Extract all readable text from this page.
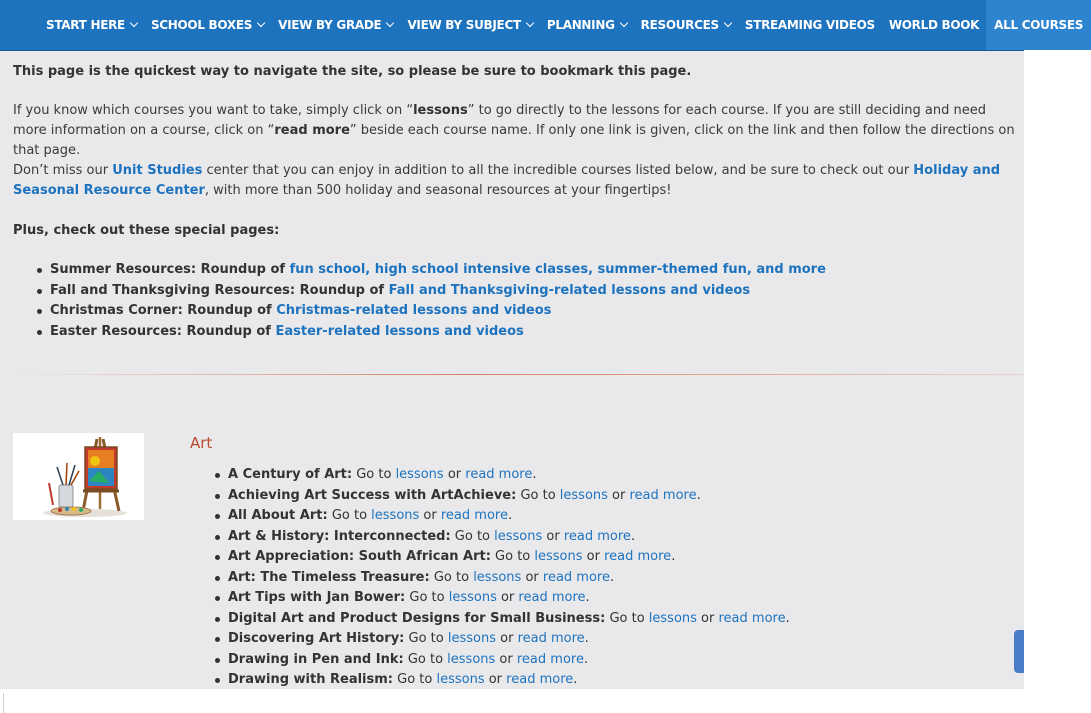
START HERE SCHOOL BOXES VIEW BY GRADE VIEW BY SUBJECT PLANNING RESOURCES STREAMING VIDEOS WORLD BOOK ALL COURSES

This page is the quickest way to navigate the site, so please be sure to bookmark this page.

If you know which courses you want to take, simply click on “lessons” to go directly to the lessons for each course. If you are still deciding and need more information on a course, click on “read more” beside each course name. If only one link is given, click on the link and then follow the directions on that page.

Don’t miss our Unit Studies center that you can enjoy in addition to all the incredible courses listed below, and be sure to check out our Holiday and Seasonal Resource Center, with more than 500 holiday and seasonal resources at your fingertips!

Plus, check out these special pages:

Summer Resources: Roundup of fun school, high school intensive classes, summer-themed fun, and more
Fall and Thanksgiving Resources: Roundup of Fall and Thanksgiving-related lessons and videos
Christmas Corner: Roundup of Christmas-related lessons and videos
Easter Resources: Roundup of Easter-related lessons and videos
Art
A Century of Art: Go to lessons or read more.
Achieving Art Success with ArtAchieve: Go to lessons or read more.
All About Art: Go to lessons or read more.
Art & History: Interconnected: Go to lessons or read more.
Art Appreciation: South African Art: Go to lessons or read more.
Art: The Timeless Treasure: Go to lessons or read more.
Art Tips with Jan Bower: Go to lessons or read more.
Digital Art and Product Designs for Small Business: Go to lessons or read more.
Discovering Art History: Go to lessons or read more.
Drawing in Pen and Ink: Go to lessons or read more.
Drawing with Realism: Go to lessons or read more.
